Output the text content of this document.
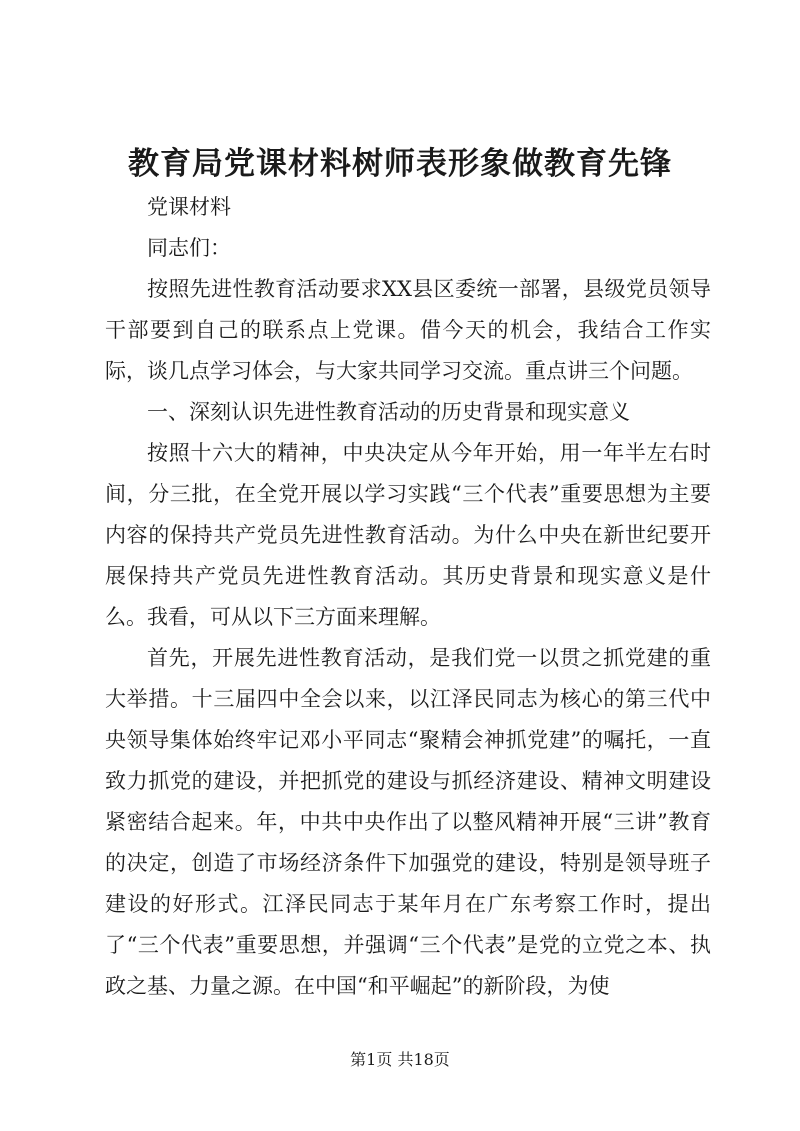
教育局党课材料树师表形象做教育先锋

党课材料

同志们：

按照先进性教育活动要求XX县区委统一部署，县级党员领导干部要到自己的联系点上党课。借今天的机会，我结合工作实际，谈几点学习体会，与大家共同学习交流。重点讲三个问题。

一、深刻认识先进性教育活动的历史背景和现实意义

按照十六大的精神，中央决定从今年开始，用一年半左右时间，分三批，在全党开展以学习实践“三个代表”重要思想为主要内容的保持共产党员先进性教育活动。为什么中央在新世纪要开展保持共产党员先进性教育活动。其历史背景和现实意义是什么。我看，可从以下三方面来理解。

首先，开展先进性教育活动，是我们党一以贯之抓党建的重大举措。十三届四中全会以来，以江泽民同志为核心的第三代中央领导集体始终牢记邓小平同志“聚精会神抓党建”的嘱托，一直致力抓党的建设，并把抓党的建设与抓经济建设、精神文明建设紧密结合起来。年，中共中央作出了以整风精神开展“三讲”教育的决定，创造了市场经济条件下加强党的建设，特别是领导班子建设的好形式。江泽民同志于某年月在广东考察工作时，提出了“三个代表”重要思想，并强调“三个代表”是党的立党之本、执政之基、力量之源。在中国“和平崛起”的新阶段，为使

第1页 共18页
